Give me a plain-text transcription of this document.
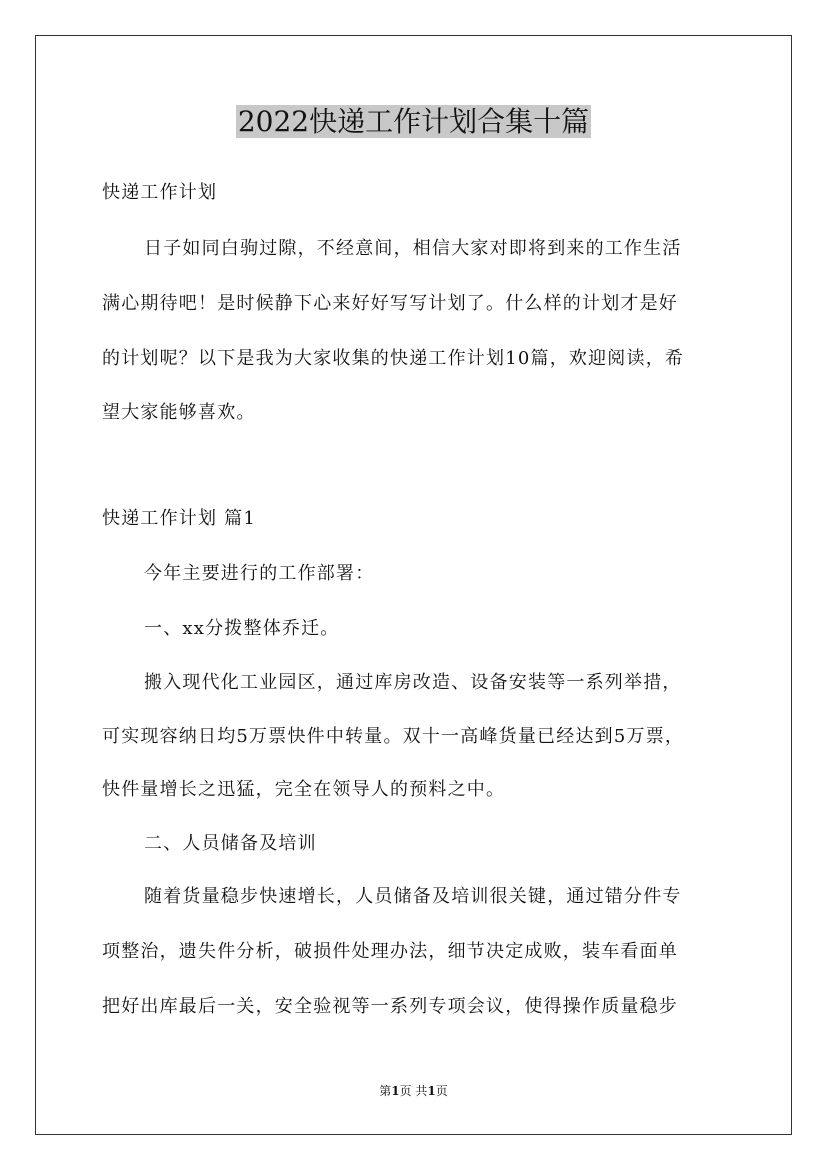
2022快递工作计划合集十篇
快递工作计划
日子如同白驹过隙，不经意间，相信大家对即将到来的工作生活
满心期待吧！是时候静下心来好好写写计划了。什么样的计划才是好
的计划呢？以下是我为大家收集的快递工作计划10篇，欢迎阅读，希
望大家能够喜欢。
快递工作计划 篇1
今年主要进行的工作部署：
一、xx分拨整体乔迁。
搬入现代化工业园区，通过库房改造、设备安装等一系列举措，
可实现容纳日均5万票快件中转量。双十一高峰货量已经达到5万票，
快件量增长之迅猛，完全在领导人的预料之中。
二、人员储备及培训
随着货量稳步快速增长，人员储备及培训很关键，通过错分件专
项整治，遗失件分析，破损件处理办法，细节决定成败，装车看面单
把好出库最后一关，安全验视等一系列专项会议，使得操作质量稳步
第1页 共1页
